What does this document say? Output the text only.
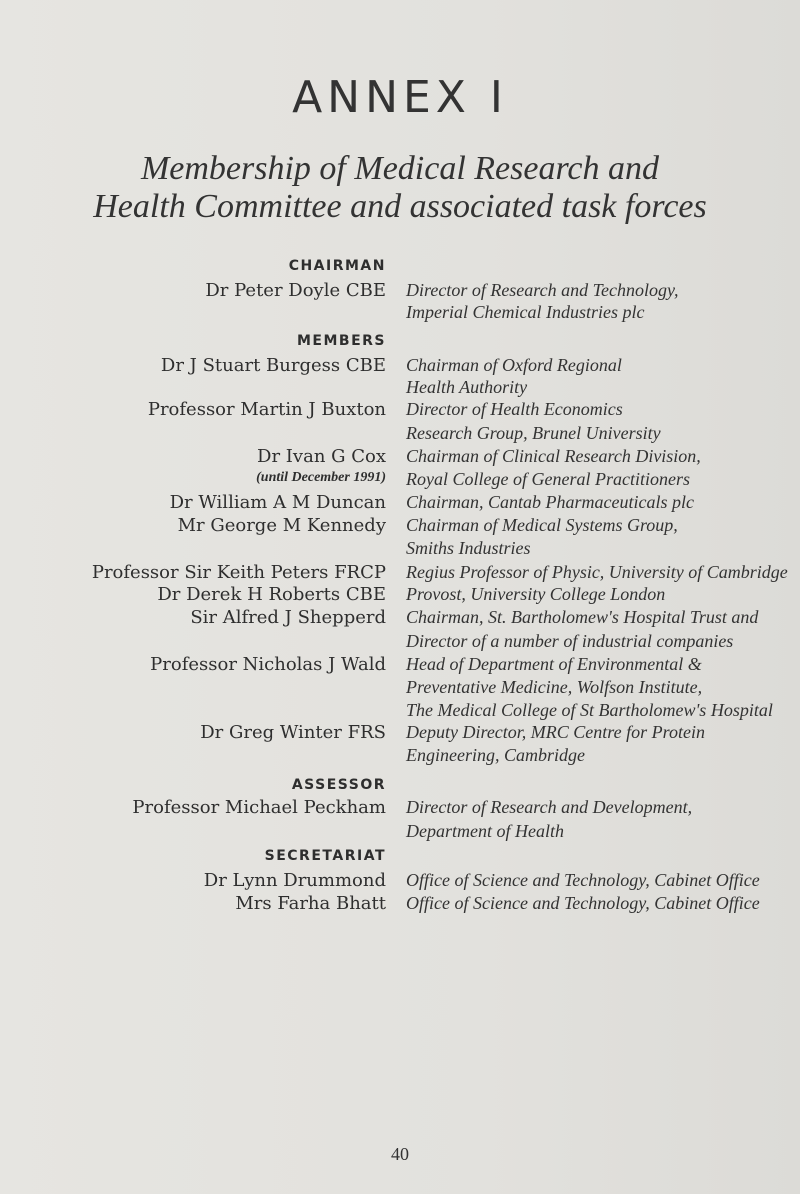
ANNEX I
Membership of Medical Research and
Health Committee and associated task forces
CHAIRMAN
Dr Peter Doyle CBE Director of Research and Technology,
Imperial Chemical Industries plc
MEMBERS
Dr J Stuart Burgess CBE Chairman of Oxford Regional
Health Authority
Professor Martin J Buxton Director of Health Economics
Research Group, Brunel University
Dr Ivan G Cox Chairman of Clinical Research Division,
(until December 1991) Royal College of General Practitioners
Dr William A M Duncan Chairman, Cantab Pharmaceuticals plc
Mr George M Kennedy Chairman of Medical Systems Group,
Smiths Industries
Professor Sir Keith Peters FRCP Regius Professor of Physic, University of Cambridge
Dr Derek H Roberts CBE Provost, University College London
Sir Alfred J Shepperd Chairman, St. Bartholomew's Hospital Trust and
Director of a number of industrial companies
Professor Nicholas J Wald Head of Department of Environmental &
Preventative Medicine, Wolfson Institute,
The Medical College of St Bartholomew's Hospital
Dr Greg Winter FRS Deputy Director, MRC Centre for Protein
Engineering, Cambridge
ASSESSOR
Professor Michael Peckham Director of Research and Development,
Department of Health
SECRETARIAT
Dr Lynn Drummond Office of Science and Technology, Cabinet Office
Mrs Farha Bhatt Office of Science and Technology, Cabinet Office
40
